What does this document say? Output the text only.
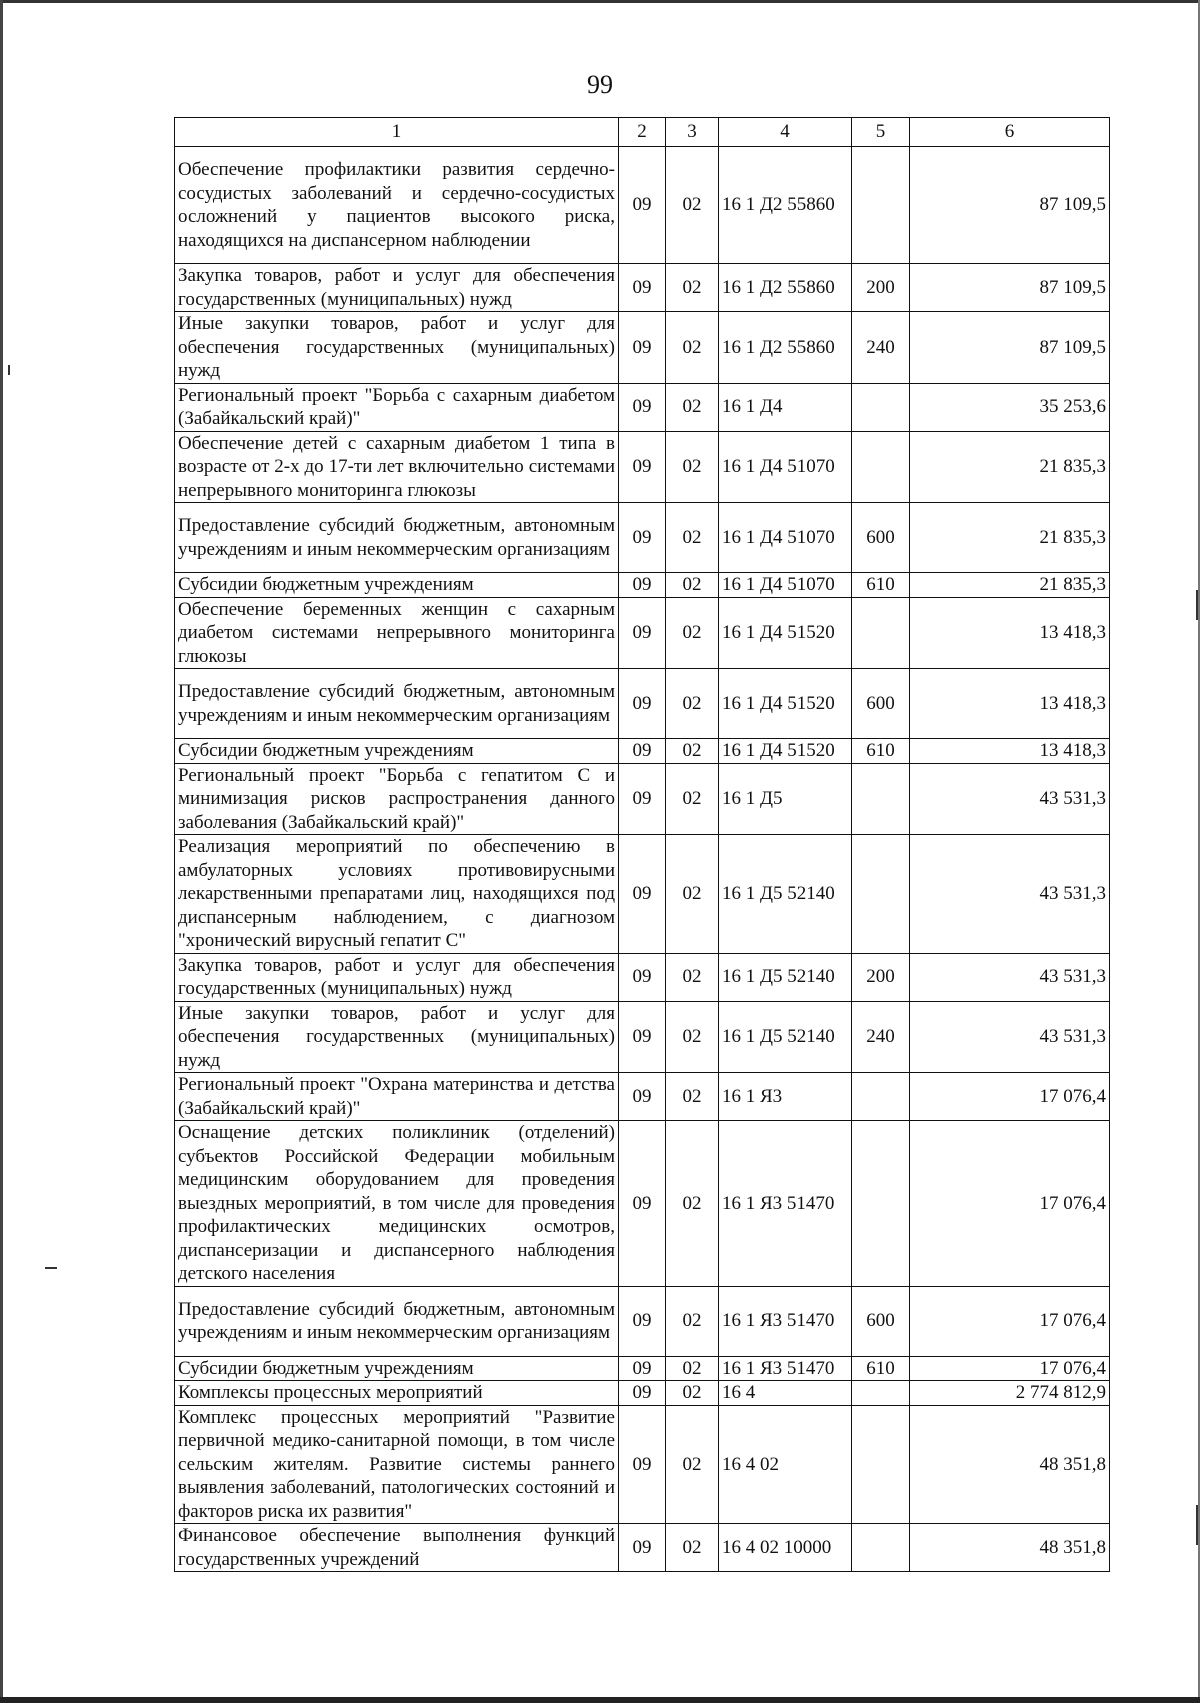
99
1	2	3	4	5	6
Обеспечение профилактики развития сердечно-сосудистых заболеваний и сердечно-сосудистых осложнений у пациентов высокого риска, находящихся на диспансерном наблюдении	09	02	16 1 Д2 55860		87 109,5
Закупка товаров, работ и услуг для обеспечения государственных (муниципальных) нужд	09	02	16 1 Д2 55860	200	87 109,5
Иные закупки товаров, работ и услуг для обеспечения государственных (муниципальных) нужд	09	02	16 1 Д2 55860	240	87 109,5
Региональный проект "Борьба с сахарным диабетом (Забайкальский край)"	09	02	16 1 Д4		35 253,6
Обеспечение детей с сахарным диабетом 1 типа в возрасте от 2-х до 17-ти лет включительно системами непрерывного мониторинга глюкозы	09	02	16 1 Д4 51070		21 835,3
Предоставление субсидий бюджетным, автономным учреждениям и иным некоммерческим организациям	09	02	16 1 Д4 51070	600	21 835,3
Субсидии бюджетным учреждениям	09	02	16 1 Д4 51070	610	21 835,3
Обеспечение беременных женщин с сахарным диабетом системами непрерывного мониторинга глюкозы	09	02	16 1 Д4 51520		13 418,3
Предоставление субсидий бюджетным, автономным учреждениям и иным некоммерческим организациям	09	02	16 1 Д4 51520	600	13 418,3
Субсидии бюджетным учреждениям	09	02	16 1 Д4 51520	610	13 418,3
Региональный проект "Борьба с гепатитом С и минимизация рисков распространения данного заболевания (Забайкальский край)"	09	02	16 1 Д5		43 531,3
Реализация мероприятий по обеспечению в амбулаторных условиях противовирусными лекарственными препаратами лиц, находящихся под диспансерным наблюдением, с диагнозом "хронический вирусный гепатит С"	09	02	16 1 Д5 52140		43 531,3
Закупка товаров, работ и услуг для обеспечения государственных (муниципальных) нужд	09	02	16 1 Д5 52140	200	43 531,3
Иные закупки товаров, работ и услуг для обеспечения государственных (муниципальных) нужд	09	02	16 1 Д5 52140	240	43 531,3
Региональный проект "Охрана материнства и детства (Забайкальский край)"	09	02	16 1 Я3		17 076,4
Оснащение детских поликлиник (отделений) субъектов Российской Федерации мобильным медицинским оборудованием для проведения выездных мероприятий, в том числе для проведения профилактических медицинских осмотров, диспансеризации и диспансерного наблюдения детского населения	09	02	16 1 Я3 51470		17 076,4
Предоставление субсидий бюджетным, автономным учреждениям и иным некоммерческим организациям	09	02	16 1 Я3 51470	600	17 076,4
Субсидии бюджетным учреждениям	09	02	16 1 Я3 51470	610	17 076,4
Комплексы процессных мероприятий	09	02	16 4		2 774 812,9
Комплекс процессных мероприятий "Развитие первичной медико-санитарной помощи, в том числе сельским жителям. Развитие системы раннего выявления заболеваний, патологических состояний и факторов риска их развития"	09	02	16 4 02		48 351,8
Финансовое обеспечение выполнения функций государственных учреждений	09	02	16 4 02 10000		48 351,8
